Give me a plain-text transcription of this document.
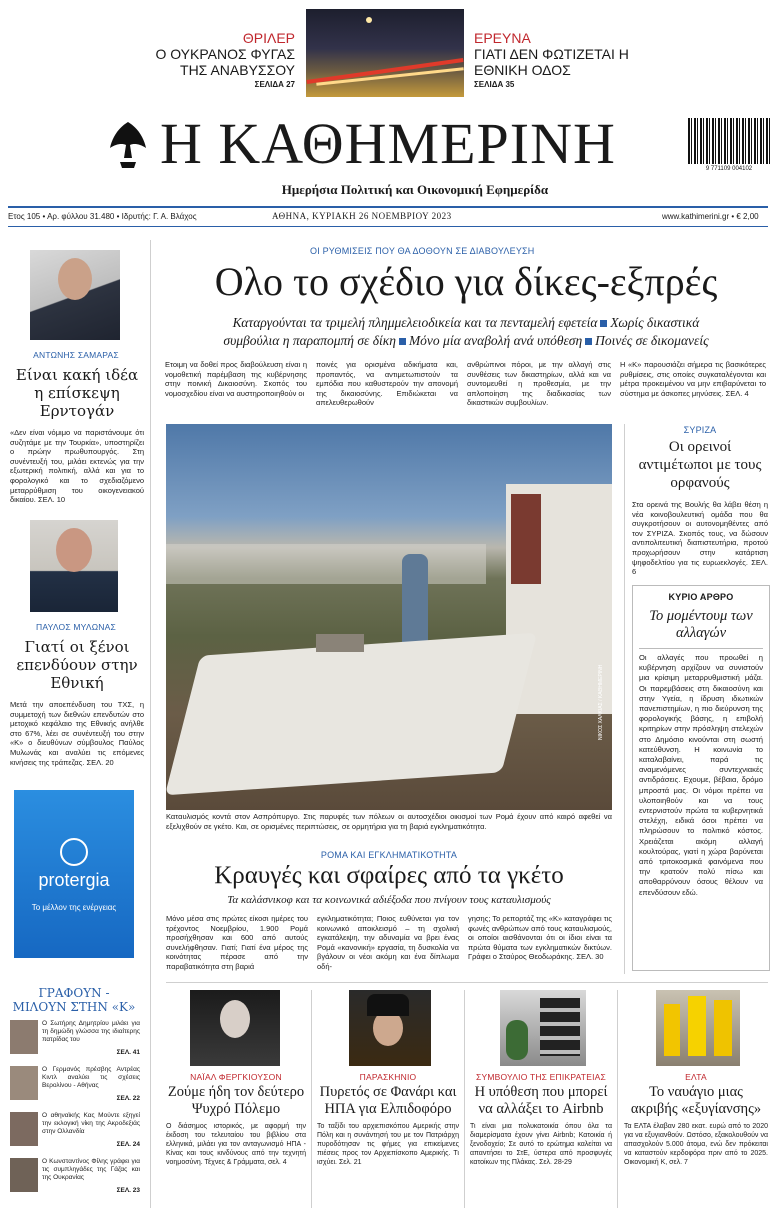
ΘΡΙΛΕΡ
Ο ΟΥΚΡΑΝΟΣ ΦΥΓΑΣ ΤΗΣ ΑΝΑΒΥΣΣΟΥ
ΣΕΛΙΔΑ 27
ΕΡΕΥΝΑ
ΓΙΑΤΙ ΔΕΝ ΦΩΤΙΖΕΤΑΙ Η ΕΘΝΙΚΗ ΟΔΟΣ
ΣΕΛΙΔΑ 35
Η ΚΑΘΗΜΕΡΙΝΗ
Ημερήσια Πολιτική και Οικονομική Εφημερίδα
9 771109 004102
Ετος 105 • Αρ. φύλλου 31.480 • Ιδρυτής: Γ. Α. Βλάχος	ΑΘΗΝΑ, ΚΥΡΙΑΚΗ 26 ΝΟΕΜΒΡΙΟΥ 2023	www.kathimerini.gr • € 2,00
ΑΝΤΩΝΗΣ ΣΑΜΑΡΑΣ
Είναι κακή ιδέα η επίσκεψη Ερντογάν
«Δεν είναι νόμιμο να παριστάνουμε ότι συζητάμε με την Τουρκία», υποστηρίζει ο πρώην πρωθυπουργός. Στη συνέντευξή του, μιλάει εκτενώς για την εξωτερική πολιτική, αλλά και για το φορολογικό και το σχεδιαζόμενο μεταρρύθμιση του οικογενειακού δικαίου. ΣΕΛ. 10
ΠΑΥΛΟΣ ΜΥΛΩΝΑΣ
Γιατί οι ξένοι επενδύουν στην Εθνική
Μετά την αποεπένδυση του ΤΧΣ, η συμμετοχή των διεθνών επενδυτών στο μετοχικό κεφάλαιο της Εθνικής ανήλθε στο 67%, λέει σε συνέντευξή του στην «Κ» ο διευθύνων σύμβουλος Παύλος Μυλωνάς και αναλύει τις επόμενες κινήσεις της τράπεζας. ΣΕΛ. 20
protergia
Το μέλλον της ενέργειας
ΓΡΑΦΟΥΝ - ΜΙΛΟΥΝ ΣΤΗΝ «Κ»
Ο Σωτήρης Δημητρίου μιλάει για τη δημώδη γλώσσα της ιδιαίτερης πατρίδας του
ΣΕΛ. 41
Ο Γερμανός πρέσβης Αντρέας Κιντλ αναλύει τις σχέσεις Βερολίνου - Αθήνας
ΣΕΛ. 22
Ο αθηναϊκής Κας Μούντε εξηγεί την εκλογική νίκη της Ακροδεξιάς στην Ολλανδία
ΣΕΛ. 24
Ο Κωνσταντίνος Φίλης γράφει για τις συμπληγάδες της Γάζας και της Ουκρανίας
ΣΕΛ. 23
ΟΙ ΡΥΘΜΙΣΕΙΣ ΠΟΥ ΘΑ ΔΟΘΟΥΝ ΣΕ ΔΙΑΒΟΥΛΕΥΣΗ
Ολο το σχέδιο για δίκες-εξπρές
Καταργούνται τα τριμελή πλημμελειοδικεία και τα πενταμελή εφετεία Χωρίς δικαστικά
συμβούλια η παραπομπή σε δίκη Μόνο μία αναβολή ανά υπόθεση Ποινές σε δικομανείς
Ετοιμη να δοθεί προς διαβούλευση είναι η νομοθετική παρέμβαση της κυβέρνησης στην ποινική Δικαιοσύνη. Σκοπός του νομοσχεδίου είναι να αυστηροποιηθούν οι
ποινές για ορισμένα αδικήματα και, προπαντός, να αντιμετωπιστούν τα εμπόδια που καθυστερούν την απονομή της δικαιοσύνης. Επιδιώκεται να απελευθερωθούν
ανθρώπινοι πόροι, με την αλλαγή στις συνθέσεις των δικαστηρίων, αλλά και να συντομευθεί η προθεσμία, με την απλοποίηση της διαδικασίας των δικαστικών συμβουλίων.
Η «Κ» παρουσιάζει σήμερα τις βασικότερες ρυθμίσεις, στις οποίες συγκαταλέγονται και μέτρα προκειμένου να μην επιβαρύνεται το σύστημα με άσκοπες μηνύσεις. ΣΕΛ. 4
ΝΙΚΟΣ ΧΑΛΚΙΑΣ / ΚΑΘΗΜΕΡΙΝΗ
Καταυλισμός κοντά στον Ασπρόπυργο. Στις παρυφές των πόλεων οι αυτοσχέδιοι οικισμοί των Ρομά έχουν από καιρό αφεθεί να εξελιχθούν σε γκέτο. Και, σε ορισμένες περιπτώσεις, σε ορμητήρια για τη βαριά εγκληματικότητα.
ΡΟΜΑ ΚΑΙ ΕΓΚΛΗΜΑΤΙΚΟΤΗΤΑ
Κραυγές και σφαίρες από τα γκέτο
Τα καλάσνικοφ και τα κοινωνικά αδιέξοδα που πνίγουν τους καταυλισμούς
Μόνο μέσα στις πρώτες είκοσι ημέρες του τρέχοντος Νοεμβρίου, 1.900 Ρομά προσήχθησαν και 600 από αυτούς συνελήφθησαν. Γιατί; Γιατί ένα μέρος της κοινότητας πέρασε από την παραβατικότητα στη βαριά
εγκληματικότητα; Ποιος ευθύνεται για τον κοινωνικό αποκλεισμό – τη σχολική εγκατάλειψη, την αδυναμία να βρει ένας Ρομά «κανονική» εργασία, τη δυσκολία να βγάλουν οι νέοι ακόμη και ένα δίπλωμα οδή-
γησης; Το ρεπορτάζ της «Κ» καταγράφει τις φωνές ανθρώπων από τους καταυλισμούς, οι οποίοι αισθάνονται ότι οι ίδιοι είναι τα πρώτα θύματα των εγκληματικών δικτύων. Γράφει ο Σταύρος Θεοδωράκης. ΣΕΛ. 30
ΣΥΡΙΖΑ
Οι ορεινοί αντιμέτωποι με τους ορφανούς
Στα ορεινά της Βουλής θα λάβει θέση η νέα κοινοβουλευτική ομάδα που θα συγκροτήσουν οι αυτονομηθέντες από τον ΣΥΡΙΖΑ. Σκοπός τους, να δώσουν αντιπολιτευτική διαπιστευτήρια, προτού προχωρήσουν στην κατάρτιση ψηφοδελτίου για τις ευρωεκλογές. ΣΕΛ. 6
ΚΥΡΙΟ ΑΡΘΡΟ
Το μομέντουμ των αλλαγών
Οι αλλαγές που προωθεί η κυβέρνηση αρχίζουν να συνιστούν μια κρίσιμη μεταρρυθμιστική μάζα. Οι παρεμβάσεις στη δικαιοσύνη και στην Υγεία, η ίδρυση ιδιωτικών πανεπιστημίων, η πιο διεύρυνση της φορολογικής βάσης, η επιβολή κριτηρίων στην πρόσληψη στελεχών στο Δημόσιο κινούνται στη σωστή κατεύθυνση. Η κοινωνία το καταλαβαίνει, παρά τις αναμενόμενες συντεχνιακές αντιδράσεις. Εχουμε, βέβαια, δρόμο μπροστά μας. Οι νόμοι πρέπει να υλοποιηθούν και να τους εντερνιστούν πρώτα τα κυβερνητικά στελέχη, ειδικά όσοι πρέπει να πληρώσουν το πολιτικό κόστος. Χρειάζεται ακόμη αλλαγή κουλτούρας, γιατί η χώρα βαρύνεται από τριτοκοσμικά φαινόμενα που την κρατούν πολύ πίσω και αποθαρρύνουν όσους θέλουν να επενδύσουν εδώ.
ΝΑΪΑΛ ΦΕΡΓΚΙΟΥΣΟΝ
Ζούμε ήδη τον δεύτερο Ψυχρό Πόλεμο
Ο διάσημος ιστορικός, με αφορμή την έκδοση του τελευταίου του βιβλίου στα ελληνικά, μιλάει για τον ανταγωνισμό ΗΠΑ - Κίνας και τους κινδύνους από την τεχνητή νοημοσύνη. Τέχνες & Γράμματα, σελ. 4
ΠΑΡΑΣΚΗΝΙΟ
Πυρετός σε Φανάρι και ΗΠΑ για Ελπιδοφόρο
Το ταξίδι του αρχιεπισκόπου Αμερικής στην Πόλη και η συνάντησή του με τον Πατριάρχη πυροδότησαν τις φήμες για επικείμενες πιέσεις προς τον Αρχιεπίσκοπο Αμερικής. Τι ισχύει. Σελ. 21
ΣΥΜΒΟΥΛΙΟ ΤΗΣ ΕΠΙΚΡΑΤΕΙΑΣ
Η υπόθεση που μπορεί να αλλάξει το Airbnb
Τι είναι μια πολυκατοικία όπου όλα τα διαμερίσματα έχουν γίνει Airbnb; Κατοικία ή ξενοδοχείο; Σε αυτό το ερώτημα καλείται να απαντήσει το ΣτΕ, ύστερα από προσφυγές κατοίκων της Πλάκας. Σελ. 28-29
ΕΛΤΑ
Το ναυάγιο μιας ακριβής «εξυγίανσης»
Τα ΕΛΤΑ έλαβαν 280 εκατ. ευρώ από το 2020 για να εξυγιανθούν. Ωστόσο, εξακολουθούν να απασχολούν 5.000 άτομα, ενώ δεν πρόκειται να καταστούν κερδοφόρα πριν από το 2025. Οικονομική Κ, σελ. 7
